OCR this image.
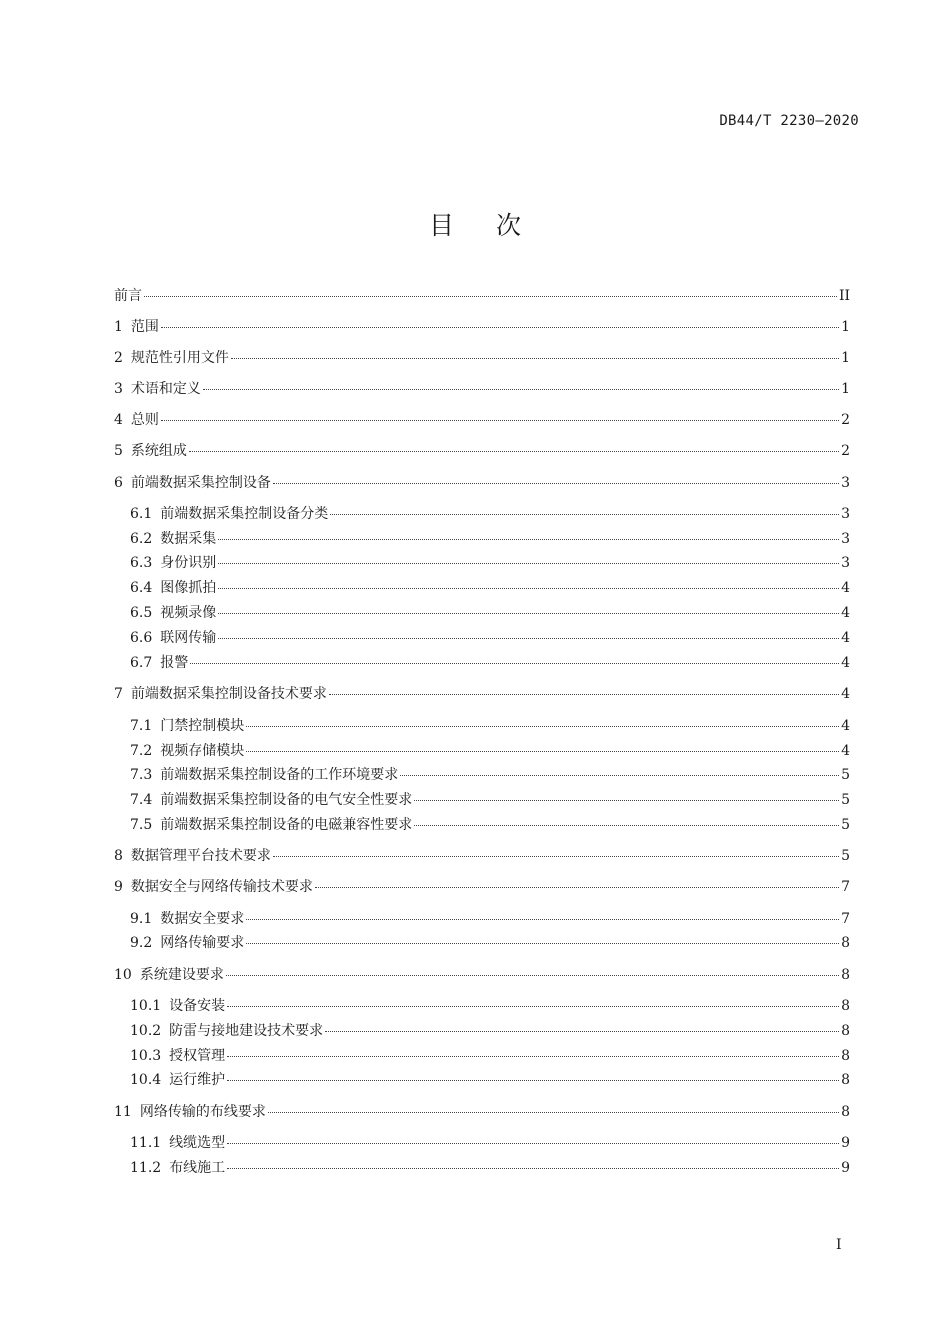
DB44/T 2230—2020
目次
前言	II
1 范围	1
2 规范性引用文件	1
3 术语和定义	1
4 总则	2
5 系统组成	2
6 前端数据采集控制设备	3
6.1 前端数据采集控制设备分类	3
6.2 数据采集	3
6.3 身份识别	3
6.4 图像抓拍	4
6.5 视频录像	4
6.6 联网传输	4
6.7 报警	4
7 前端数据采集控制设备技术要求	4
7.1 门禁控制模块	4
7.2 视频存储模块	4
7.3 前端数据采集控制设备的工作环境要求	5
7.4 前端数据采集控制设备的电气安全性要求	5
7.5 前端数据采集控制设备的电磁兼容性要求	5
8 数据管理平台技术要求	5
9 数据安全与网络传输技术要求	7
9.1 数据安全要求	7
9.2 网络传输要求	8
10 系统建设要求	8
10.1 设备安装	8
10.2 防雷与接地建设技术要求	8
10.3 授权管理	8
10.4 运行维护	8
11 网络传输的布线要求	8
11.1 线缆选型	9
11.2 布线施工	9
I
